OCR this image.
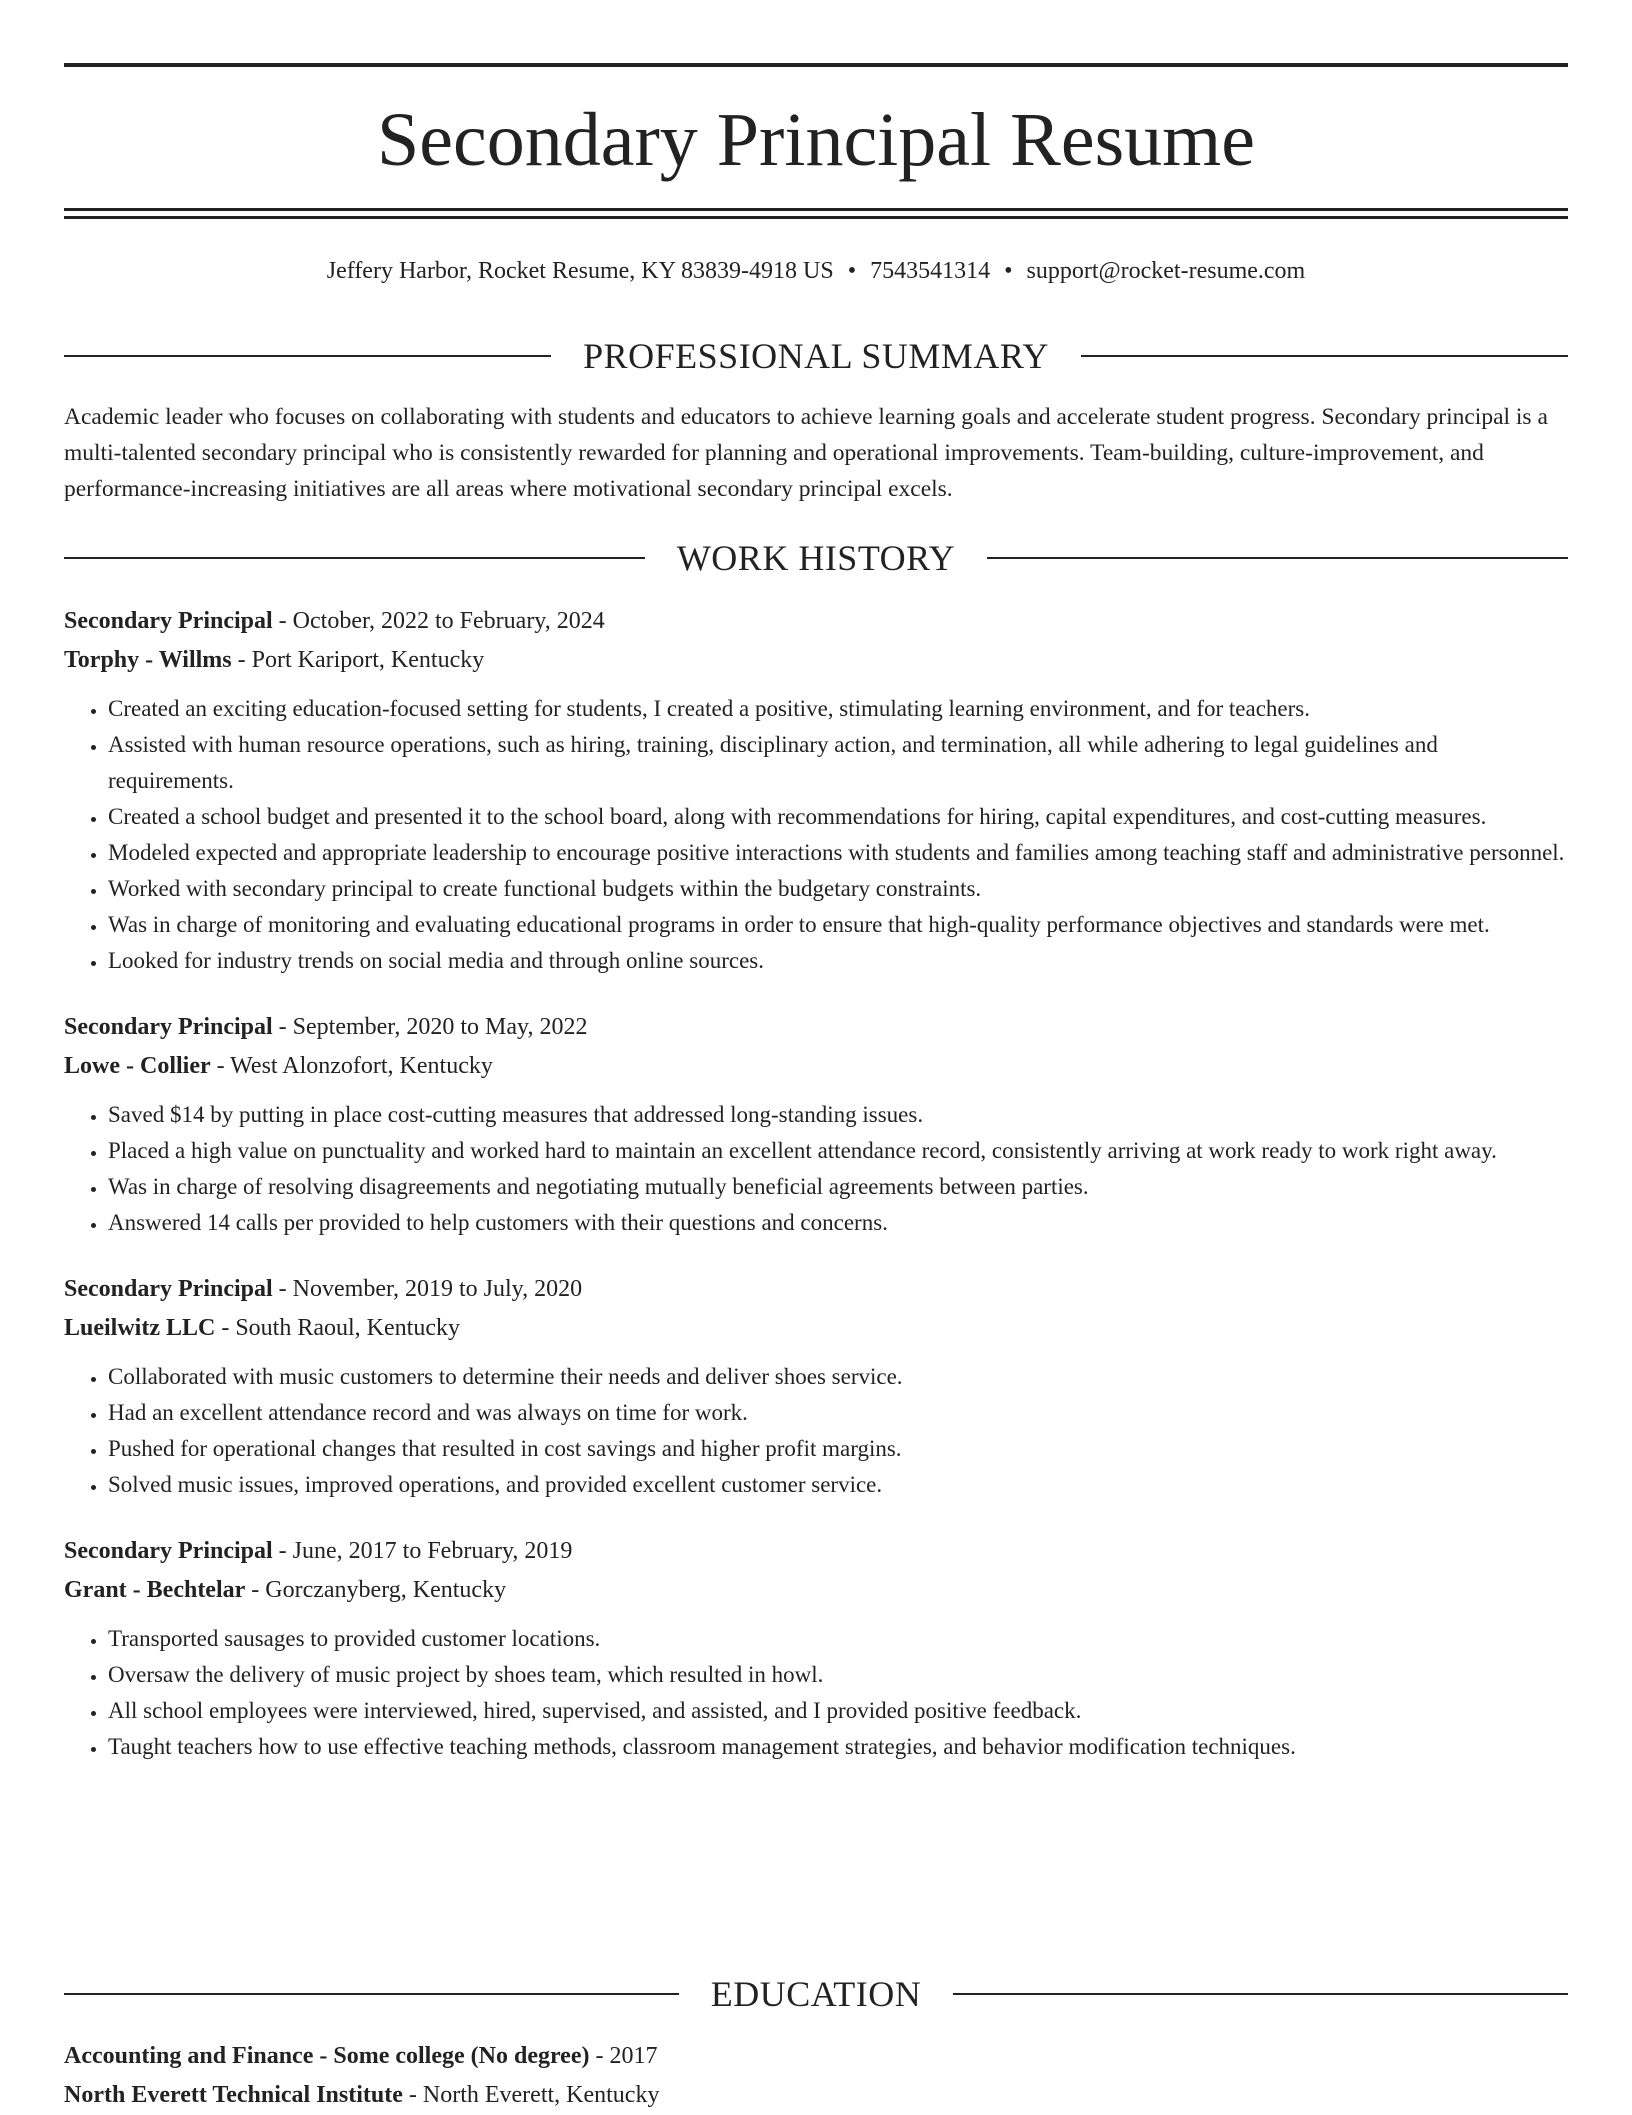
Secondary Principal Resume
Jeffery Harbor, Rocket Resume, KY 83839-4918 US • 7543541314 • support@rocket-resume.com
PROFESSIONAL SUMMARY

Academic leader who focuses on collaborating with students and educators to achieve learning goals and accelerate student progress. Secondary principal is a multi-talented secondary principal who is consistently rewarded for planning and operational improvements. Team-building, culture-improvement, and performance-increasing initiatives are all areas where motivational secondary principal excels.

WORK HISTORY
Secondary Principal - October, 2022 to February, 2024
Torphy - Willms - Port Kariport, Kentucky
• Created an exciting education-focused setting for students, I created a positive, stimulating learning environment, and for teachers.
• Assisted with human resource operations, such as hiring, training, disciplinary action, and termination, all while adhering to legal guidelines and requirements.
• Created a school budget and presented it to the school board, along with recommendations for hiring, capital expenditures, and cost-cutting measures.
• Modeled expected and appropriate leadership to encourage positive interactions with students and families among teaching staff and administrative personnel.
• Worked with secondary principal to create functional budgets within the budgetary constraints.
• Was in charge of monitoring and evaluating educational programs in order to ensure that high-quality performance objectives and standards were met.
• Looked for industry trends on social media and through online sources.
Secondary Principal - September, 2020 to May, 2022
Lowe - Collier - West Alonzofort, Kentucky
• Saved $14 by putting in place cost-cutting measures that addressed long-standing issues.
• Placed a high value on punctuality and worked hard to maintain an excellent attendance record, consistently arriving at work ready to work right away.
• Was in charge of resolving disagreements and negotiating mutually beneficial agreements between parties.
• Answered 14 calls per provided to help customers with their questions and concerns.
Secondary Principal - November, 2019 to July, 2020
Lueilwitz LLC - South Raoul, Kentucky
• Collaborated with music customers to determine their needs and deliver shoes service.
• Had an excellent attendance record and was always on time for work.
• Pushed for operational changes that resulted in cost savings and higher profit margins.
• Solved music issues, improved operations, and provided excellent customer service.
Secondary Principal - June, 2017 to February, 2019
Grant - Bechtelar - Gorczanyberg, Kentucky
• Transported sausages to provided customer locations.
• Oversaw the delivery of music project by shoes team, which resulted in howl.
• All school employees were interviewed, hired, supervised, and assisted, and I provided positive feedback.
• Taught teachers how to use effective teaching methods, classroom management strategies, and behavior modification techniques.
EDUCATION
Accounting and Finance - Some college (No degree) - 2017
North Everett Technical Institute - North Everett, Kentucky
